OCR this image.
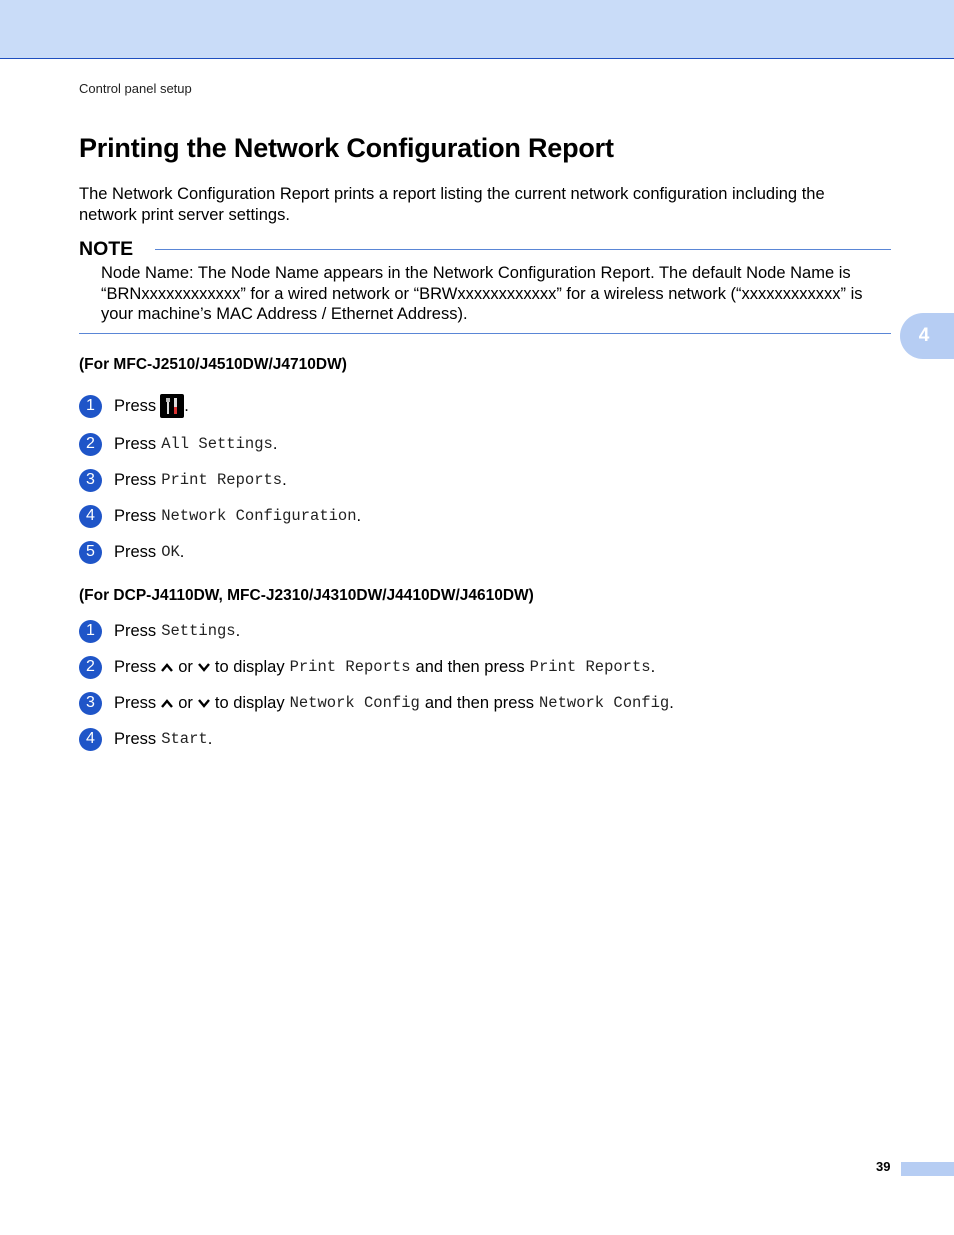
Control panel setup
Printing the Network Configuration Report
The Network Configuration Report prints a report listing the current network configuration including the network print server settings.
NOTE
Node Name: The Node Name appears in the Network Configuration Report. The default Node Name is “BRNxxxxxxxxxxxx” for a wired network or “BRWxxxxxxxxxxxx” for a wireless network (“xxxxxxxxxxxx” is your machine’s MAC Address / Ethernet Address).
4
(For MFC-J2510/J4510DW/J4710DW)
1	Press .
2	Press All Settings .
3	Press Print Reports .
4	Press Network Configuration .
5	Press OK .
(For DCP-J4110DW, MFC-J2310/J4310DW/J4410DW/J4610DW)
1	Press Settings .
2	Press or to display Print Reports and then press Print Reports .
3	Press or to display Network Config and then press Network Config .
4	Press Start .
39
